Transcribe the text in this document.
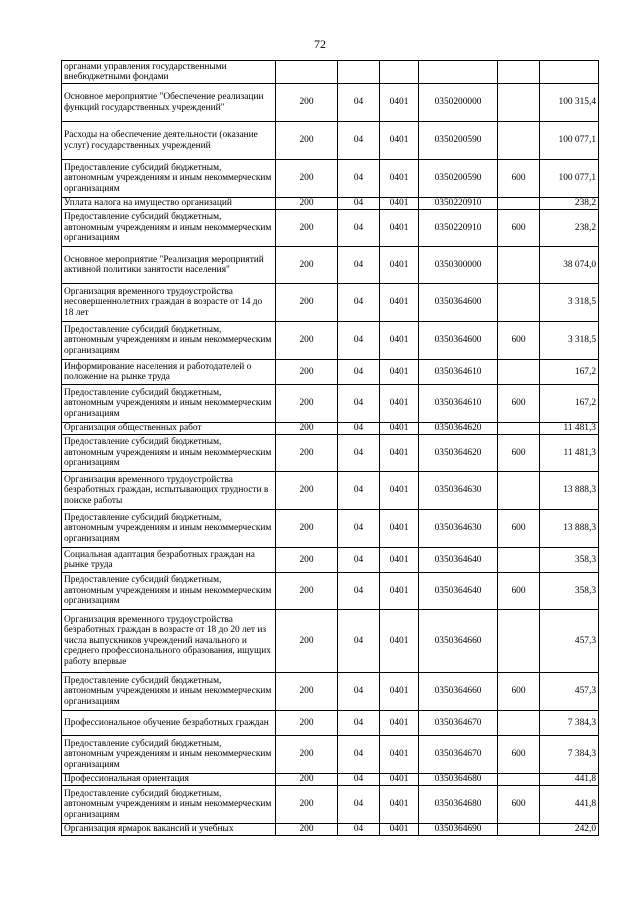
72
органами управления государственными внебюджетными фондами						
Основное мероприятие "Обеспечение реализации функций государственных учреждений"	200	04	0401	0350200000		100 315,4
Расходы на обеспечение деятельности (оказание услуг) государственных учреждений	200	04	0401	0350200590		100 077,1
Предоставление субсидий бюджетным, автономным учреждениям и иным некоммерческим организациям	200	04	0401	0350200590	600	100 077,1
Уплата налога на имущество организаций	200	04	0401	0350220910		238,2
Предоставление субсидий бюджетным, автономным учреждениям и иным некоммерческим организациям	200	04	0401	0350220910	600	238,2
Основное мероприятие "Реализация мероприятий активной политики занятости населения"	200	04	0401	0350300000		38 074,0
Организация временного трудоустройства несовершеннолетних граждан в возрасте от 14 до 18 лет	200	04	0401	0350364600		3 318,5
Предоставление субсидий бюджетным, автономным учреждениям и иным некоммерческим организациям	200	04	0401	0350364600	600	3 318,5
Информирование населения и работодателей о положение на рынке труда	200	04	0401	0350364610		167,2
Предоставление субсидий бюджетным, автономным учреждениям и иным некоммерческим организациям	200	04	0401	0350364610	600	167,2
Организация общественных работ	200	04	0401	0350364620		11 481,3
Предоставление субсидий бюджетным, автономным учреждениям и иным некоммерческим организациям	200	04	0401	0350364620	600	11 481,3
Организация временного трудоустройства безработных граждан, испытывающих трудности в поиске работы	200	04	0401	0350364630		13 888,3
Предоставление субсидий бюджетным, автономным учреждениям и иным некоммерческим организациям	200	04	0401	0350364630	600	13 888,3
Социальная адаптация безработных граждан на рынке труда	200	04	0401	0350364640		358,3
Предоставление субсидий бюджетным, автономным учреждениям и иным некоммерческим организациям	200	04	0401	0350364640	600	358,3
Организация временного трудоустройства безработных граждан в возрасте от 18 до 20 лет из числа выпускников учреждений начального и среднего профессионального образования, ищущих работу впервые	200	04	0401	0350364660		457,3
Предоставление субсидий бюджетным, автономным учреждениям и иным некоммерческим организациям	200	04	0401	0350364660	600	457,3
Профессиональное обучение безработных граждан	200	04	0401	0350364670		7 384,3
Предоставление субсидий бюджетным, автономным учреждениям и иным некоммерческим организациям	200	04	0401	0350364670	600	7 384,3
Профессиональная ориентация	200	04	0401	0350364680		441,8
Предоставление субсидий бюджетным, автономным учреждениям и иным некоммерческим организациям	200	04	0401	0350364680	600	441,8
Организация ярмарок вакансий и учебных	200	04	0401	0350364690		242,0
